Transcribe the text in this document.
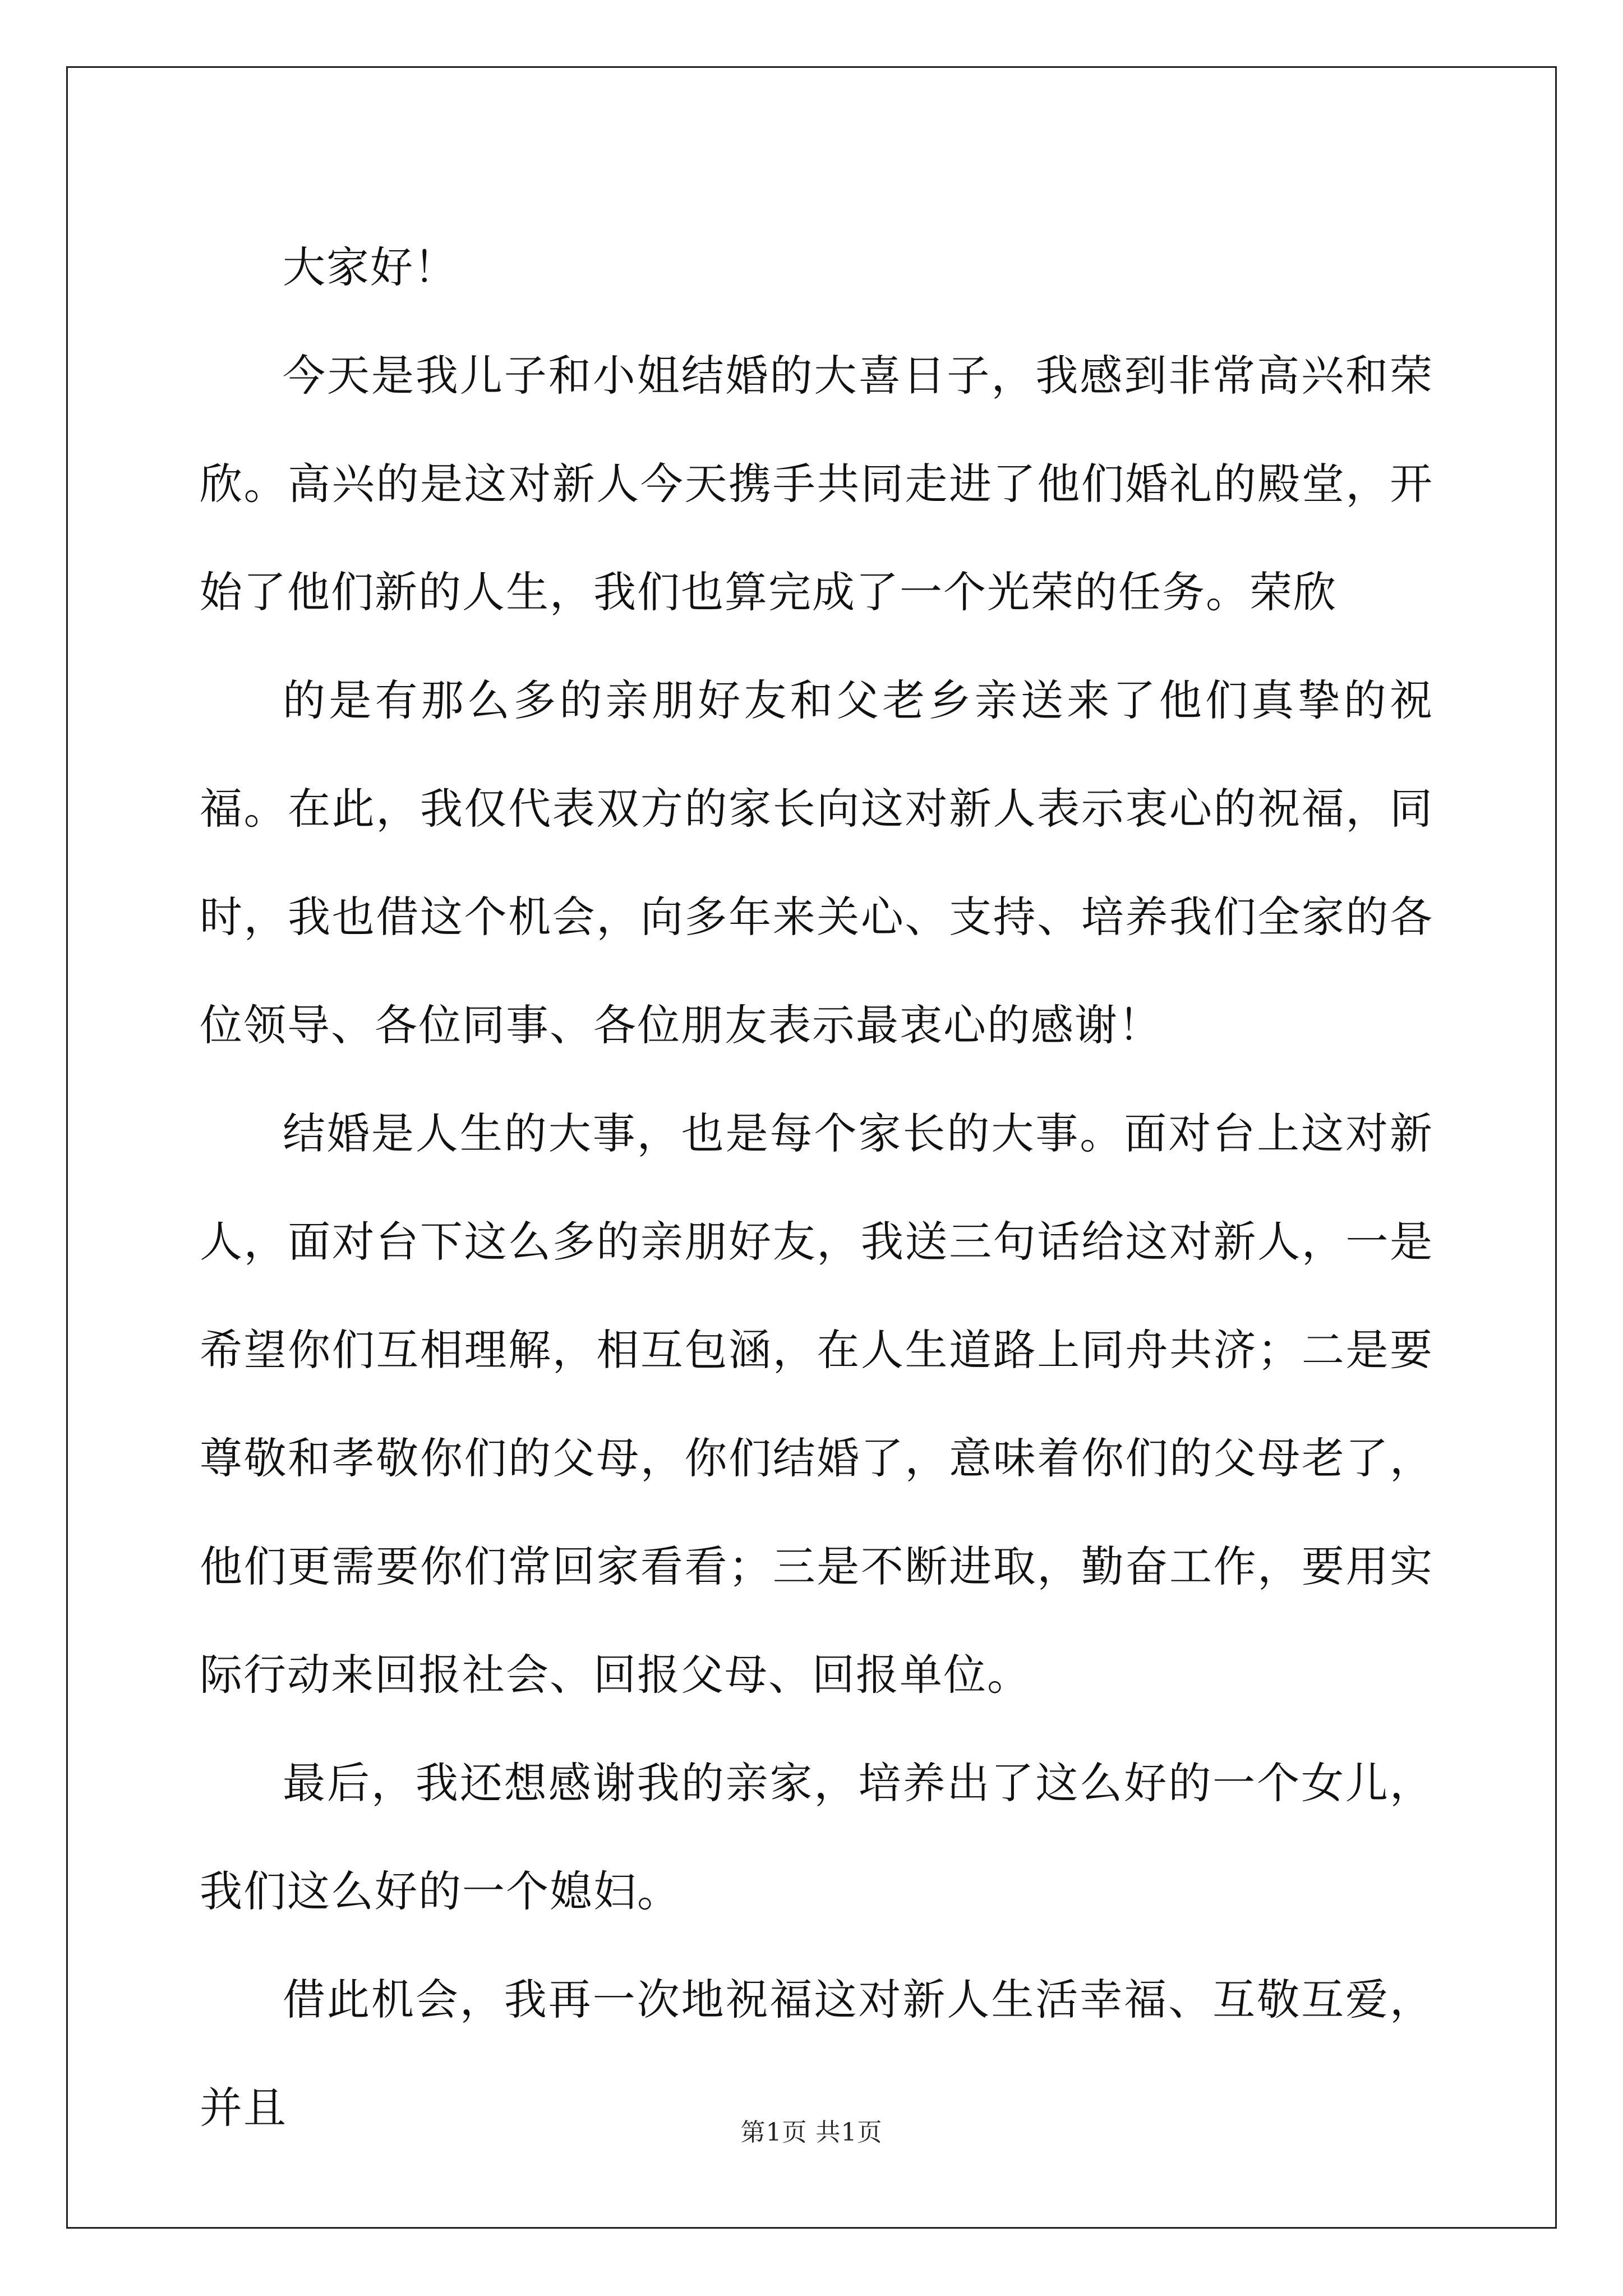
大家好！

今天是我儿子和小姐结婚的大喜日子，我感到非常高兴和荣欣。高兴的是这对新人今天携手共同走进了他们婚礼的殿堂，开始了他们新的人生，我们也算完成了一个光荣的任务。荣欣

的是有那么多的亲朋好友和父老乡亲送来了他们真挚的祝福。在此，我仅代表双方的家长向这对新人表示衷心的祝福，同时，我也借这个机会，向多年来关心、支持、培养我们全家的各位领导、各位同事、各位朋友表示最衷心的感谢！

结婚是人生的大事，也是每个家长的大事。面对台上这对新人，面对台下这么多的亲朋好友，我送三句话给这对新人，一是希望你们互相理解，相互包涵，在人生道路上同舟共济；二是要尊敬和孝敬你们的父母，你们结婚了，意味着你们的父母老了，他们更需要你们常回家看看；三是不断进取，勤奋工作，要用实际行动来回报社会、回报父母、回报单位。

最后，我还想感谢我的亲家，培养出了这么好的一个女儿，我们这么好的一个媳妇。

借此机会，我再一次地祝福这对新人生活幸福、互敬互爱，并且	第1页 共1页
